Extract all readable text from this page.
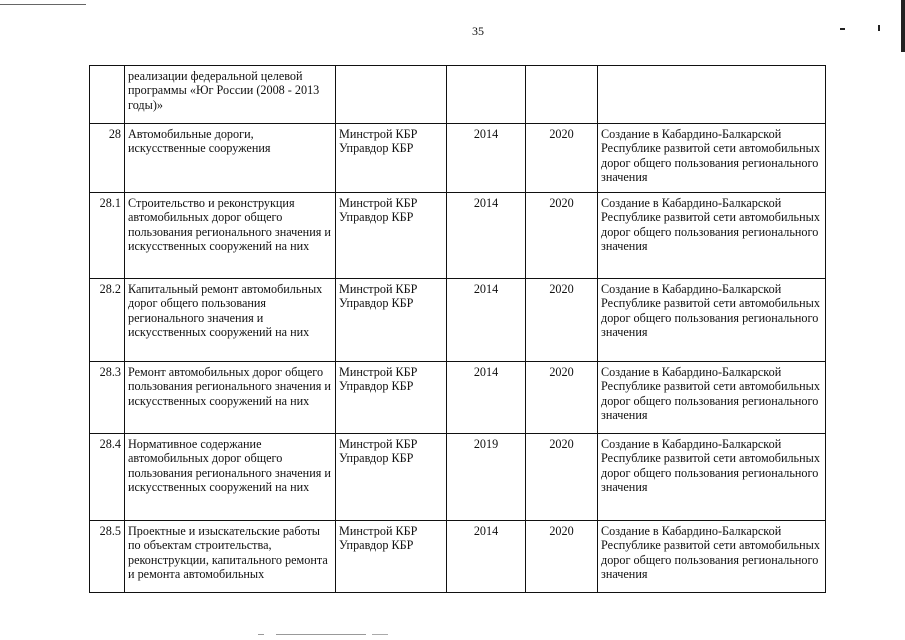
35
	реализации федеральной целевой программы «Юг России (2008 - 2013 годы)»				
28	Автомобильные дороги, искусственные сооружения	Минстрой КБР Управдор КБР	2014	2020	Создание в Кабардино-Балкарской Республике развитой сети автомобильных дорог общего пользования регионального значения
28.1	Строительство и реконструкция автомобильных дорог общего пользования регионального значения и искусственных сооружений на них	Минстрой КБР Управдор КБР	2014	2020	Создание в Кабардино-Балкарской Республике развитой сети автомобильных дорог общего пользования регионального значения
28.2	Капитальный ремонт автомобильных дорог общего пользования регионального значения и искусственных сооружений на них	Минстрой КБР Управдор КБР	2014	2020	Создание в Кабардино-Балкарской Республике развитой сети автомобильных дорог общего пользования регионального значения
28.3	Ремонт автомобильных дорог общего пользования регионального значения и искусственных сооружений на них	Минстрой КБР Управдор КБР	2014	2020	Создание в Кабардино-Балкарской Республике развитой сети автомобильных дорог общего пользования регионального значения
28.4	Нормативное содержание автомобильных дорог общего пользования регионального значения и искусственных сооружений на них	Минстрой КБР Управдор КБР	2019	2020	Создание в Кабардино-Балкарской Республике развитой сети автомобильных дорог общего пользования регионального значения
28.5	Проектные и изыскательские работы по объектам строительства, реконструкции, капитального ремонта и ремонта автомобильных	Минстрой КБР Управдор КБР	2014	2020	Создание в Кабардино-Балкарской Республике развитой сети автомобильных дорог общего пользования регионального значения
